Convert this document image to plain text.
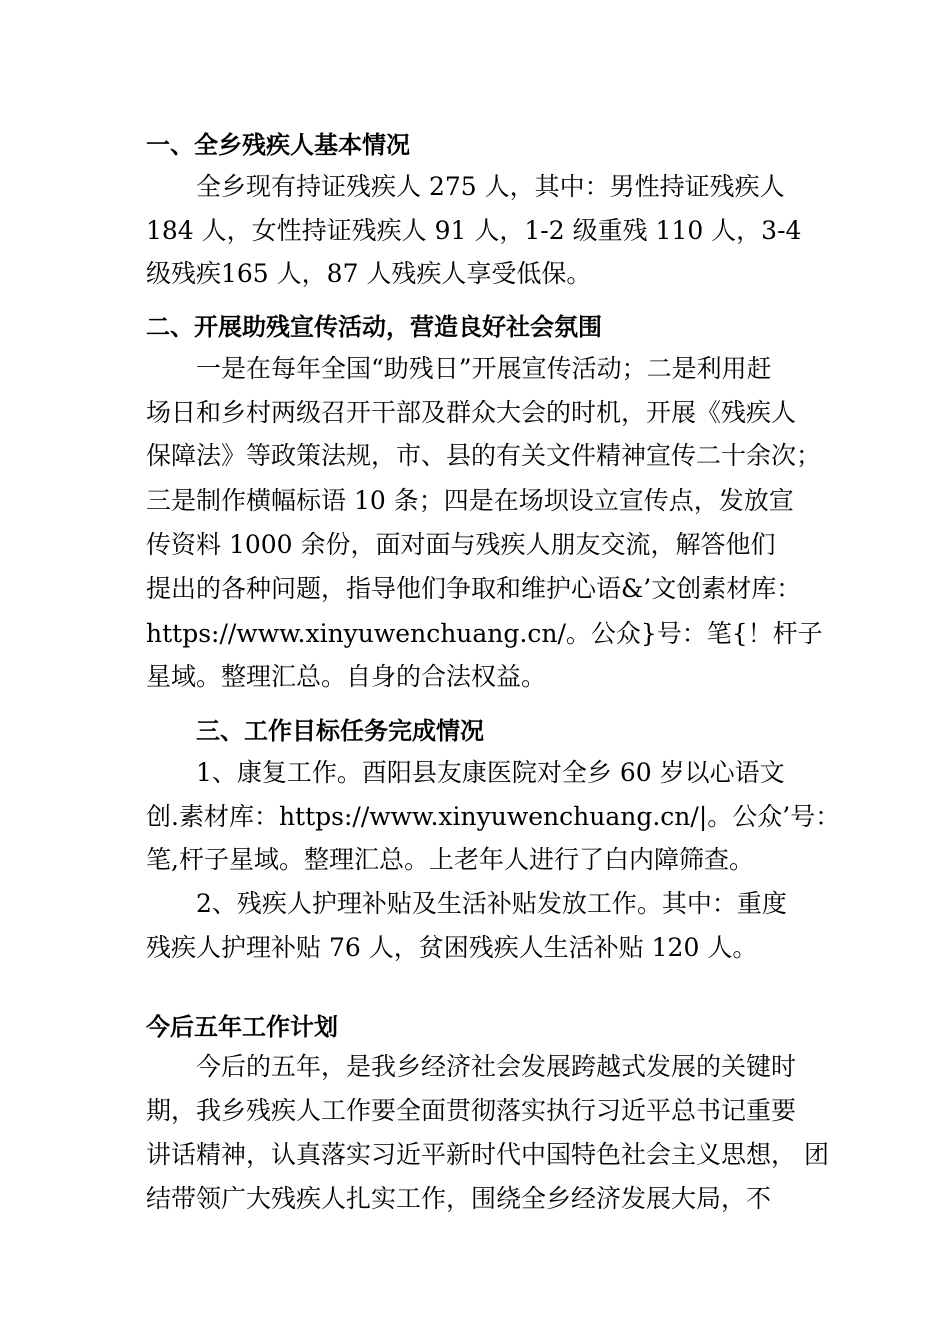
一、全乡残疾人基本情况
全乡现有持证残疾人 275 人，其中：男性持证残疾人
184 人，女性持证残疾人 91 人，1-2 级重残 110 人，3-4
级残疾165 人，87 人残疾人享受低保。
二、开展助残宣传活动，营造良好社会氛围
一是在每年全国“助残日”开展宣传活动；二是利用赶
场日和乡村两级召开干部及群众大会的时机，开展《残疾人
保障法》等政策法规，市、县的有关文件精神宣传二十余次；
三是制作横幅标语 10 条；四是在场坝设立宣传点，发放宣
传资料 1000 余份，面对面与残疾人朋友交流，解答他们
提出的各种问题，指导他们争取和维护心语&’文创素材库：
https://www.xinyuwenchuang.cn/。公众}号：笔{！杆子
星域。整理汇总。自身的合法权益。
三、工作目标任务完成情况
1、康复工作。酉阳县友康医院对全乡 60 岁以心语文
创.素材库：https://www.xinyuwenchuang.cn/|。公众’号：
笔,杆子星域。整理汇总。上老年人进行了白内障筛查。
2、残疾人护理补贴及生活补贴发放工作。其中：重度
残疾人护理补贴 76 人，贫困残疾人生活补贴 120 人。
今后五年工作计划
今后的五年，是我乡经济社会发展跨越式发展的关键时
期，我乡残疾人工作要全面贯彻落实执行习近平总书记重要
讲话精神，认真落实习近平新时代中国特色社会主义思想， 团
结带领广大残疾人扎实工作，围绕全乡经济发展大局，不
